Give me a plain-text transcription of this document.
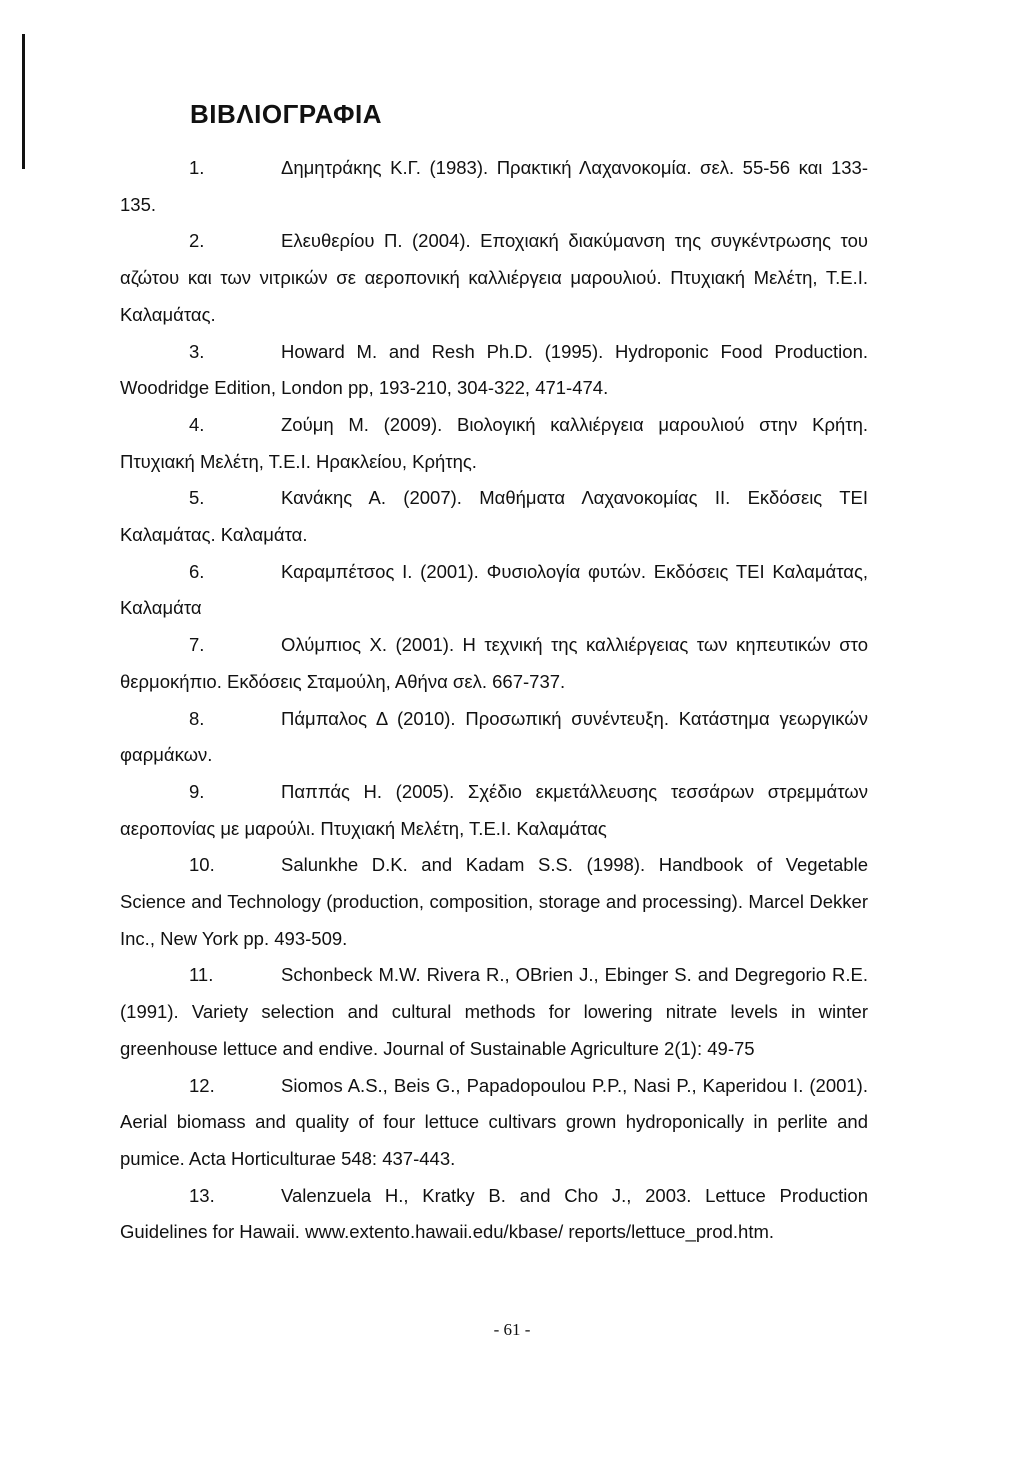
ΒΙΒΛΙΟΓΡΑΦΙΑ

1.	Δημητράκης Κ.Γ. (1983). Πρακτική Λαχανοκομία. σελ. 55-56 και 133-135.

2.	Ελευθερίου Π. (2004). Εποχιακή διακύμανση της συγκέντρωσης του αζώτου και των νιτρικών σε αεροπονική καλλιέργεια μαρουλιού. Πτυχιακή Μελέτη, Τ.Ε.Ι. Καλαμάτας.

3.	Howard M. and Resh Ph.D. (1995). Hydroponic Food Production. Woodridge Edition, London pp, 193-210, 304-322, 471-474.

4.	Ζούμη Μ. (2009). Βιολογική καλλιέργεια μαρουλιού στην Κρήτη. Πτυχιακή Μελέτη, Τ.Ε.Ι. Ηρακλείου, Κρήτης.

5.	Κανάκης Α. (2007). Μαθήματα Λαχανοκομίας II. Εκδόσεις ΤΕΙ Καλαμάτας. Καλαμάτα.

6.	Καραμπέτσος Ι. (2001). Φυσιολογία φυτών. Εκδόσεις ΤΕΙ Καλαμάτας, Καλαμάτα

7.	Ολύμπιος Χ. (2001). Η τεχνική της καλλιέργειας των κηπευτικών στο θερμοκήπιο. Εκδόσεις Σταμούλη, Αθήνα σελ. 667-737.

8.	Πάμπαλος Δ (2010). Προσωπική συνέντευξη. Κατάστημα γεωργικών φαρμάκων.

9.	Παππάς Η. (2005). Σχέδιο εκμετάλλευσης τεσσάρων στρεμμάτων αεροπονίας με μαρούλι. Πτυχιακή Μελέτη, Τ.Ε.Ι. Καλαμάτας

10.	Salunkhe D.K. and Kadam S.S. (1998). Handbook of Vegetable Science and Technology (production, composition, storage and processing). Marcel Dekker Inc., New York pp. 493-509.

11.	Schonbeck M.W. Rivera R., OBrien J., Ebinger S. and Degregorio R.E. (1991). Variety selection and cultural methods for lowering nitrate levels in winter greenhouse lettuce and endive. Journal of Sustainable Agriculture 2(1): 49-75

12.	Siomos A.S., Beis G., Papadopoulou P.P., Nasi P., Kaperidou I. (2001). Aerial biomass and quality of four lettuce cultivars grown hydroponically in perlite and pumice. Acta Horticulturae 548: 437-443.

13.	Valenzuela H., Kratky B. and Cho J., 2003. Lettuce Production Guidelines for Hawaii. www.extento.hawaii.edu/kbase/ reports/lettuce_prod.htm.

- 61 -
